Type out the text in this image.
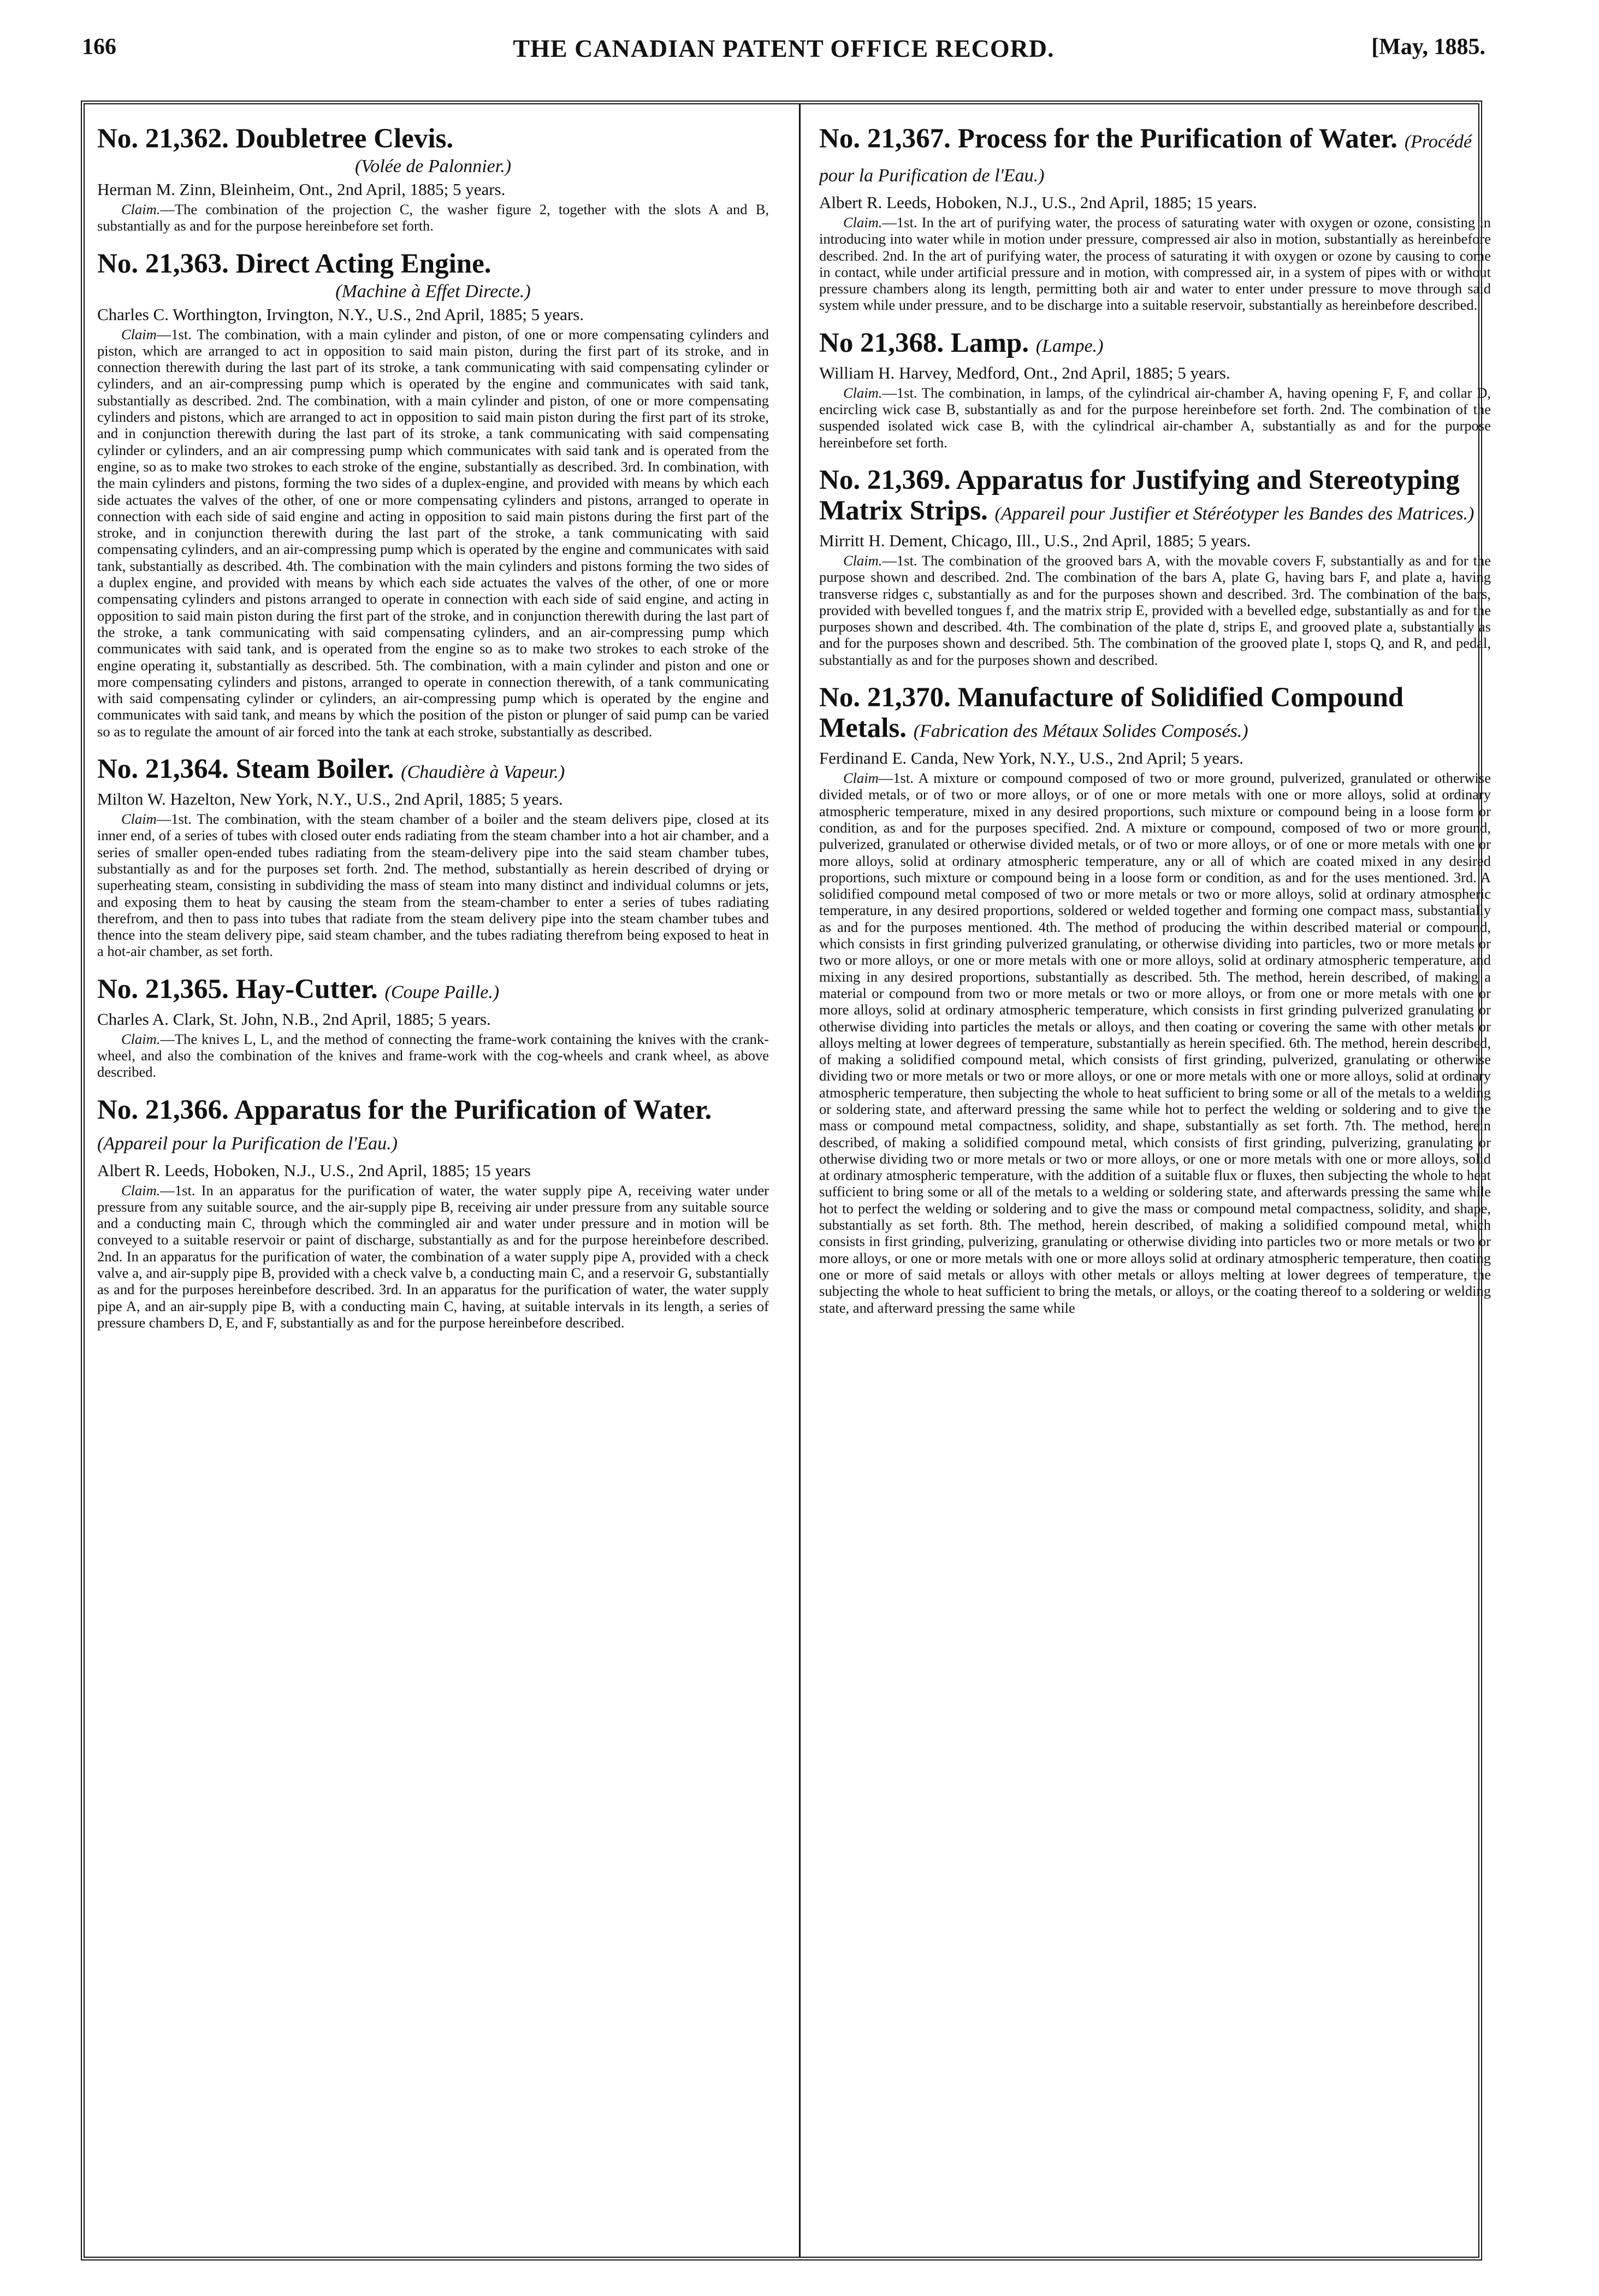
166	THE CANADIAN PATENT OFFICE RECORD.	[May, 1885.
No. 21,362. Doubletree Clevis.
(Volée de Palonnier.)

Herman M. Zinn, Bleinheim, Ont., 2nd April, 1885; 5 years.

Claim.—The combination of the projection C, the washer figure 2, together with the slots A and B, substantially as and for the purpose hereinbefore set forth.

No. 21,363. Direct Acting Engine.
(Machine à Effet Directe.)

Charles C. Worthington, Irvington, N.Y., U.S., 2nd April, 1885; 5 years.

Claim—1st. The combination, with a main cylinder and piston, of one or more compensating cylinders and piston, which are arranged to act in opposition to said main piston, during the first part of its stroke, and in connection therewith during the last part of its stroke, a tank communicating with said compensating cylinder or cylinders, and an air-compressing pump which is operated by the engine and communicates with said tank, substantially as described. 2nd. The combination, with a main cylinder and piston, of one or more compensating cylinders and pistons, which are arranged to act in opposition to said main piston during the first part of its stroke, and in conjunction therewith during the last part of its stroke, a tank communicating with said compensating cylinder or cylinders, and an air compressing pump which communicates with said tank and is operated from the engine, so as to make two strokes to each stroke of the engine, substantially as described. 3rd. In combination, with the main cylinders and pistons, forming the two sides of a duplex-engine, and provided with means by which each side actuates the valves of the other, of one or more compensating cylinders and pistons, arranged to operate in connection with each side of said engine and acting in opposition to said main pistons during the first part of the stroke, and in conjunction therewith during the last part of the stroke, a tank communicating with said compensating cylinders, and an air-compressing pump which is operated by the engine and communicates with said tank, substantially as described. 4th. The combination with the main cylinders and pistons forming the two sides of a duplex engine, and provided with means by which each side actuates the valves of the other, of one or more compensating cylinders and pistons arranged to operate in connection with each side of said engine, and acting in opposition to said main piston during the first part of the stroke, and in conjunction therewith during the last part of the stroke, a tank communicating with said compensating cylinders, and an air-compressing pump which communicates with said tank, and is operated from the engine so as to make two strokes to each stroke of the engine operating it, substantially as described. 5th. The combination, with a main cylinder and piston and one or more compensating cylinders and pistons, arranged to operate in connection therewith, of a tank communicating with said compensating cylinder or cylinders, an air-compressing pump which is operated by the engine and communicates with said tank, and means by which the position of the piston or plunger of said pump can be varied so as to regulate the amount of air forced into the tank at each stroke, substantially as described.

No. 21,364. Steam Boiler. (Chaudière à Vapeur.)

Milton W. Hazelton, New York, N.Y., U.S., 2nd April, 1885; 5 years.

Claim—1st. The combination, with the steam chamber of a boiler and the steam delivers pipe, closed at its inner end, of a series of tubes with closed outer ends radiating from the steam chamber into a hot air chamber, and a series of smaller open-ended tubes radiating from the steam-delivery pipe into the said steam chamber tubes, substantially as and for the purposes set forth. 2nd. The method, substantially as herein described of drying or superheating steam, consisting in subdividing the mass of steam into many distinct and individual columns or jets, and exposing them to heat by causing the steam from the steam-chamber to enter a series of tubes radiating therefrom, and then to pass into tubes that radiate from the steam delivery pipe into the steam chamber tubes and thence into the steam delivery pipe, said steam chamber, and the tubes radiating therefrom being exposed to heat in a hot-air chamber, as set forth.

No. 21,365. Hay-Cutter. (Coupe Paille.)

Charles A. Clark, St. John, N.B., 2nd April, 1885; 5 years.

Claim.—The knives L, L, and the method of connecting the frame-work containing the knives with the crank-wheel, and also the combination of the knives and frame-work with the cog-wheels and crank wheel, as above described.

No. 21,366. Apparatus for the Purification of Water. (Appareil pour la Purification de l'Eau.)

Albert R. Leeds, Hoboken, N.J., U.S., 2nd April, 1885; 15 years

Claim.—1st. In an apparatus for the purification of water, the water supply pipe A, receiving water under pressure from any suitable source, and the air-supply pipe B, receiving air under pressure from any suitable source and a conducting main C, through which the commingled air and water under pressure and in motion will be conveyed to a suitable reservoir or paint of discharge, substantially as and for the purpose hereinbefore described. 2nd. In an apparatus for the purification of water, the combination of a water supply pipe A, provided with a check valve a, and air-supply pipe B, provided with a check valve b, a conducting main C, and a reservoir G, substantially as and for the purposes hereinbefore described. 3rd. In an apparatus for the purification of water, the water supply pipe A, and an air-supply pipe B, with a conducting main C, having, at suitable intervals in its length, a series of pressure chambers D, E, and F, substantially as and for the purpose hereinbefore described.

No. 21,367. Process for the Purification of Water. (Procédé pour la Purification de l'Eau.)

Albert R. Leeds, Hoboken, N.J., U.S., 2nd April, 1885; 15 years.

Claim.—1st. In the art of purifying water, the process of saturating water with oxygen or ozone, consisting in introducing into water while in motion under pressure, compressed air also in motion, substantially as hereinbefore described. 2nd. In the art of purifying water, the process of saturating it with oxygen or ozone by causing to come in contact, while under artificial pressure and in motion, with compressed air, in a system of pipes with or without pressure chambers along its length, permitting both air and water to enter under pressure to move through said system while under pressure, and to be discharge into a suitable reservoir, substantially as hereinbefore described.

No 21,368. Lamp. (Lampe.)

William H. Harvey, Medford, Ont., 2nd April, 1885; 5 years.

Claim.—1st. The combination, in lamps, of the cylindrical air-chamber A, having opening F, F, and collar D, encircling wick case B, substantially as and for the purpose hereinbefore set forth. 2nd. The combination of the suspended isolated wick case B, with the cylindrical air-chamber A, substantially as and for the purpose hereinbefore set forth.

No. 21,369. Apparatus for Justifying and Stereotyping Matrix Strips. (Appareil pour Justifier et Stéréotyper les Bandes des Matrices.)

Mirritt H. Dement, Chicago, Ill., U.S., 2nd April, 1885; 5 years.

Claim.—1st. The combination of the grooved bars A, with the movable covers F, substantially as and for the purpose shown and described. 2nd. The combination of the bars A, plate G, having bars F, and plate a, having transverse ridges c, substantially as and for the purposes shown and described. 3rd. The combination of the bars, provided with bevelled tongues f, and the matrix strip E, provided with a bevelled edge, substantially as and for the purposes shown and described. 4th. The combination of the plate d, strips E, and grooved plate a, substantially as and for the purposes shown and described. 5th. The combination of the grooved plate I, stops Q, and R, and pedal, substantially as and for the purposes shown and described.

No. 21,370. Manufacture of Solidified Compound Metals. (Fabrication des Métaux Solides Composés.)

Ferdinand E. Canda, New York, N.Y., U.S., 2nd April; 5 years.

Claim—1st. A mixture or compound composed of two or more ground, pulverized, granulated or otherwise divided metals, or of two or more alloys, or of one or more metals with one or more alloys, solid at ordinary atmospheric temperature, mixed in any desired proportions, such mixture or compound being in a loose form or condition, as and for the purposes specified. 2nd. A mixture or compound, composed of two or more ground, pulverized, granulated or otherwise divided metals, or of two or more alloys, or of one or more metals with one or more alloys, solid at ordinary atmospheric temperature, any or all of which are coated mixed in any desired proportions, such mixture or compound being in a loose form or condition, as and for the uses mentioned. 3rd. A solidified compound metal composed of two or more metals or two or more alloys, solid at ordinary atmospheric temperature, in any desired proportions, soldered or welded together and forming one compact mass, substantially as and for the purposes mentioned. 4th. The method of producing the within described material or compound, which consists in first grinding pulverized granulating, or otherwise dividing into particles, two or more metals or two or more alloys, or one or more metals with one or more alloys, solid at ordinary atmospheric temperature, and mixing in any desired proportions, substantially as described. 5th. The method, herein described, of making a material or compound from two or more metals or two or more alloys, or from one or more metals with one or more alloys, solid at ordinary atmospheric temperature, which consists in first grinding pulverized granulating or otherwise dividing into particles the metals or alloys, and then coating or covering the same with other metals or alloys melting at lower degrees of temperature, substantially as herein specified. 6th. The method, herein described, of making a solidified compound metal, which consists of first grinding, pulverized, granulating or otherwise dividing two or more metals or two or more alloys, or one or more metals with one or more alloys, solid at ordinary atmospheric temperature, then subjecting the whole to heat sufficient to bring some or all of the metals to a welding or soldering state, and afterward pressing the same while hot to perfect the welding or soldering and to give the mass or compound metal compactness, solidity, and shape, substantially as set forth. 7th. The method, herein described, of making a solidified compound metal, which consists of first grinding, pulverizing, granulating or otherwise dividing two or more metals or two or more alloys, or one or more metals with one or more alloys, solid at ordinary atmospheric temperature, with the addition of a suitable flux or fluxes, then subjecting the whole to heat sufficient to bring some or all of the metals to a welding or soldering state, and afterwards pressing the same while hot to perfect the welding or soldering and to give the mass or compound metal compactness, solidity, and shape, substantially as set forth. 8th. The method, herein described, of making a solidified compound metal, which consists in first grinding, pulverizing, granulating or otherwise dividing into particles two or more metals or two or more alloys, or one or more metals with one or more alloys solid at ordinary atmospheric temperature, then coating one or more of said metals or alloys with other metals or alloys melting at lower degrees of temperature, the subjecting the whole to heat sufficient to bring the metals, or alloys, or the coating thereof to a soldering or welding state, and afterward pressing the same while
